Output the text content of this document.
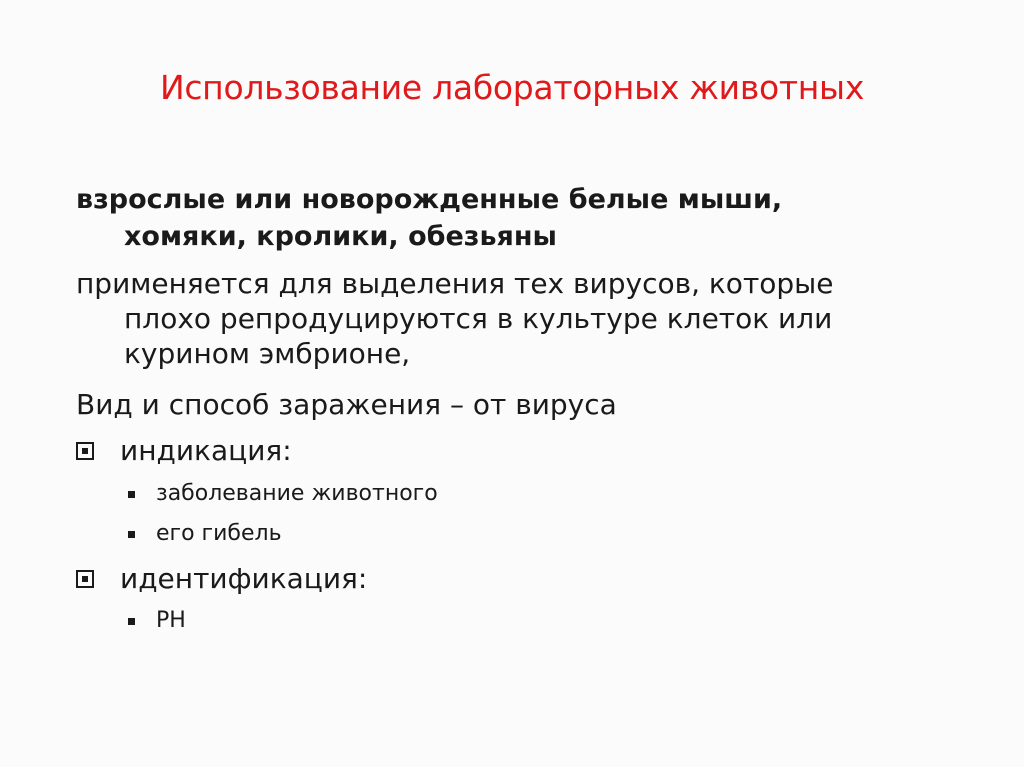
Использование лабораторных животных
взрослые или новорожденные белые мыши,
хомяки, кролики, обезьяны
применяется для выделения тех вирусов, которые
плохо репродуцируются в культуре клеток или
курином эмбрионе,
Вид и способ заражения – от вируса
индикация:
заболевание животного
его гибель
идентификация:
РН
